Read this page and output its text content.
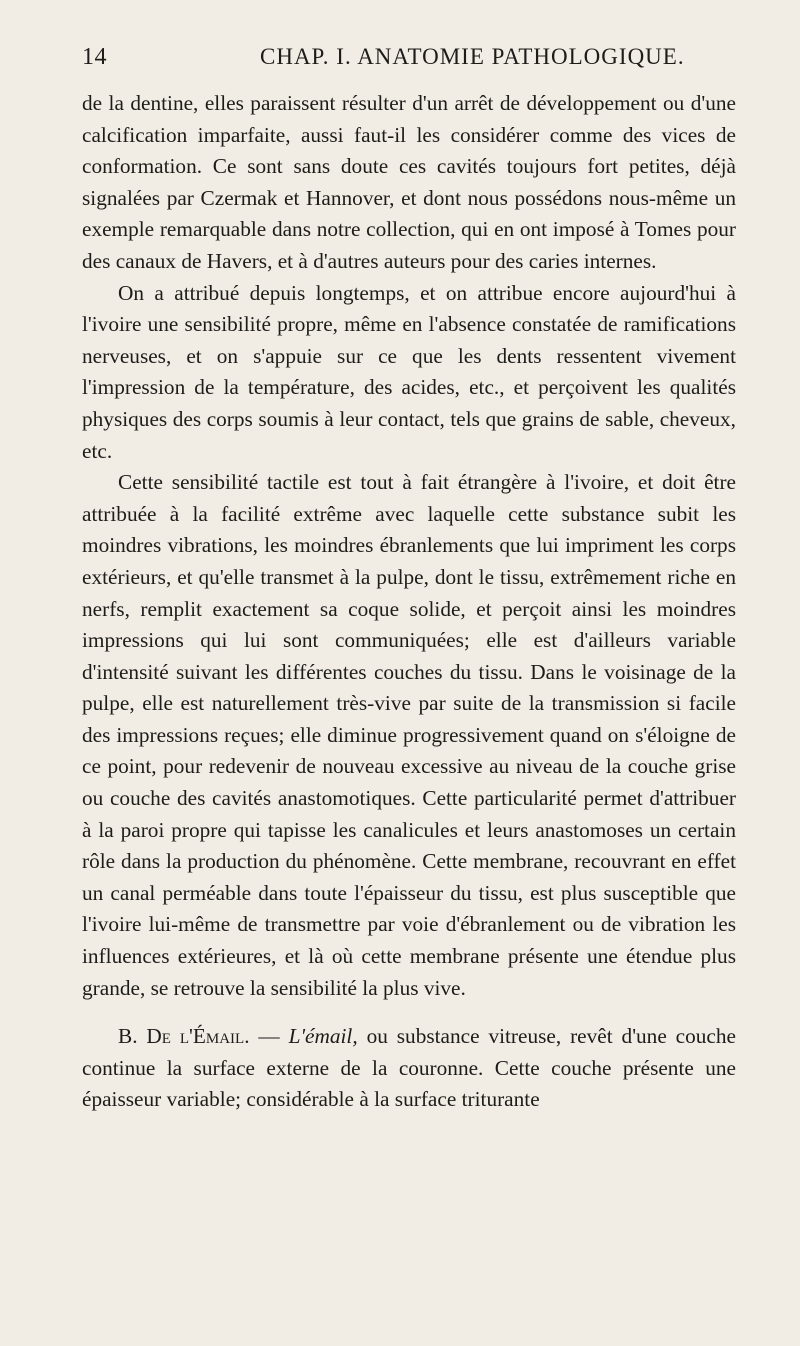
14	CHAP. I. ANATOMIE PATHOLOGIQUE.

de la dentine, elles paraissent résulter d'un arrêt de développement ou d'une calcification imparfaite, aussi faut-il les considérer comme des vices de conformation. Ce sont sans doute ces cavités toujours fort petites, déjà signalées par Czermak et Hannover, et dont nous possédons nous-même un exemple remarquable dans notre collection, qui en ont imposé à Tomes pour des canaux de Havers, et à d'autres auteurs pour des caries internes.

On a attribué depuis longtemps, et on attribue encore aujourd'hui à l'ivoire une sensibilité propre, même en l'absence constatée de ramifications nerveuses, et on s'appuie sur ce que les dents ressentent vivement l'impression de la température, des acides, etc., et perçoivent les qualités physiques des corps soumis à leur contact, tels que grains de sable, cheveux, etc.

Cette sensibilité tactile est tout à fait étrangère à l'ivoire, et doit être attribuée à la facilité extrême avec laquelle cette substance subit les moindres vibrations, les moindres ébranlements que lui impriment les corps extérieurs, et qu'elle transmet à la pulpe, dont le tissu, extrêmement riche en nerfs, remplit exactement sa coque solide, et perçoit ainsi les moindres impressions qui lui sont communiquées; elle est d'ailleurs variable d'intensité suivant les différentes couches du tissu. Dans le voisinage de la pulpe, elle est naturellement très-vive par suite de la transmission si facile des impressions reçues; elle diminue progressivement quand on s'éloigne de ce point, pour redevenir de nouveau excessive au niveau de la couche grise ou couche des cavités anastomotiques. Cette particularité permet d'attribuer à la paroi propre qui tapisse les canalicules et leurs anastomoses un certain rôle dans la production du phénomène. Cette membrane, recouvrant en effet un canal perméable dans toute l'épaisseur du tissu, est plus susceptible que l'ivoire lui-même de transmettre par voie d'ébranlement ou de vibration les influences extérieures, et là où cette membrane présente une étendue plus grande, se retrouve la sensibilité la plus vive.

B. De l'Émail. — L'émail, ou substance vitreuse, revêt d'une couche continue la surface externe de la couronne. Cette couche présente une épaisseur variable; considérable à la surface triturante
